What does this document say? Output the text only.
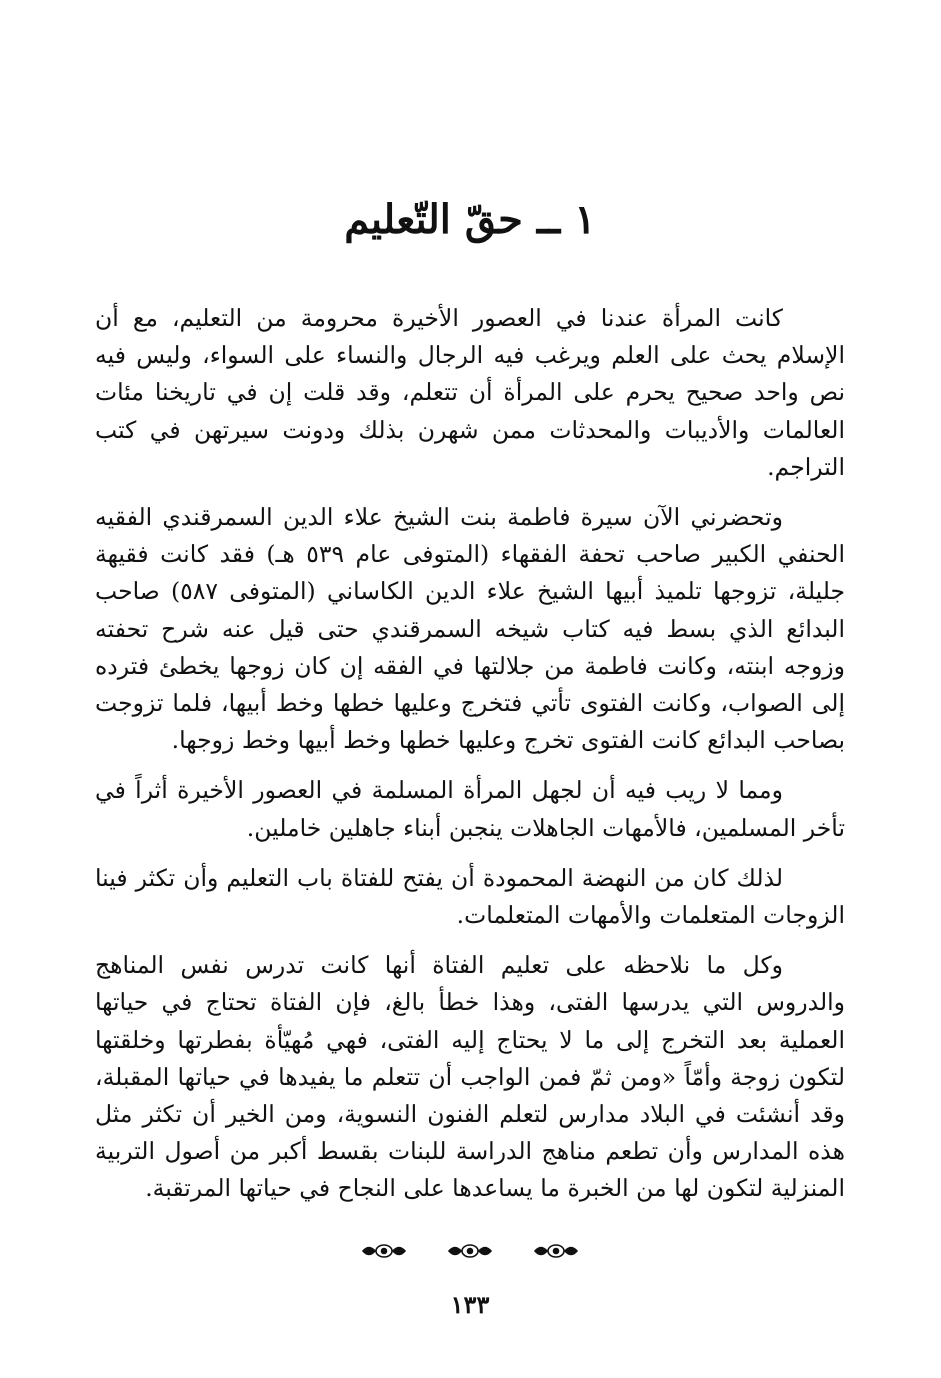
١ ــ حقّ التّعليم

كانت المرأة عندنا في العصور الأخيرة محرومة من التعليم، مع أن الإسلام يحث على العلم ويرغب فيه الرجال والنساء على السواء، وليس فيه نص واحد صحيح يحرم على المرأة أن تتعلم، وقد قلت إن في تاريخنا مئات العالمات والأديبات والمحدثات ممن شهرن بذلك ودونت سيرتهن في كتب التراجم.

وتحضرني الآن سيرة فاطمة بنت الشيخ علاء الدين السمرقندي الفقيه الحنفي الكبير صاحب تحفة الفقهاء (المتوفى عام ٥٣٩ هـ) فقد كانت فقيهة جليلة، تزوجها تلميذ أبيها الشيخ علاء الدين الكاساني (المتوفى ٥٨٧) صاحب البدائع الذي بسط فيه كتاب شيخه السمرقندي حتى قيل عنه شرح تحفته وزوجه ابنته، وكانت فاطمة من جلالتها في الفقه إن كان زوجها يخطئ فترده إلى الصواب، وكانت الفتوى تأتي فتخرج وعليها خطها وخط أبيها، فلما تزوجت بصاحب البدائع كانت الفتوى تخرج وعليها خطها وخط أبيها وخط زوجها.

ومما لا ريب فيه أن لجهل المرأة المسلمة في العصور الأخيرة أثراً في تأخر المسلمين، فالأمهات الجاهلات ينجبن أبناء جاهلين خاملين.

لذلك كان من النهضة المحمودة أن يفتح للفتاة باب التعليم وأن تكثر فينا الزوجات المتعلمات والأمهات المتعلمات.

وكل ما نلاحظه على تعليم الفتاة أنها كانت تدرس نفس المناهج والدروس التي يدرسها الفتى، وهذا خطأ بالغ، فإن الفتاة تحتاج في حياتها العملية بعد التخرج إلى ما لا يحتاج إليه الفتى، فهي مُهيّأة بفطرتها وخلقتها لتكون زوجة وأمّاً «ومن ثمّ فمن الواجب أن تتعلم ما يفيدها في حياتها المقبلة، وقد أنشئت في البلاد مدارس لتعلم الفنون النسوية، ومن الخير أن تكثر مثل هذه المدارس وأن تطعم مناهج الدراسة للبنات بقسط أكبر من أصول التربية المنزلية لتكون لها من الخبرة ما يساعدها على النجاح في حياتها المرتقبة.

١٣٣
